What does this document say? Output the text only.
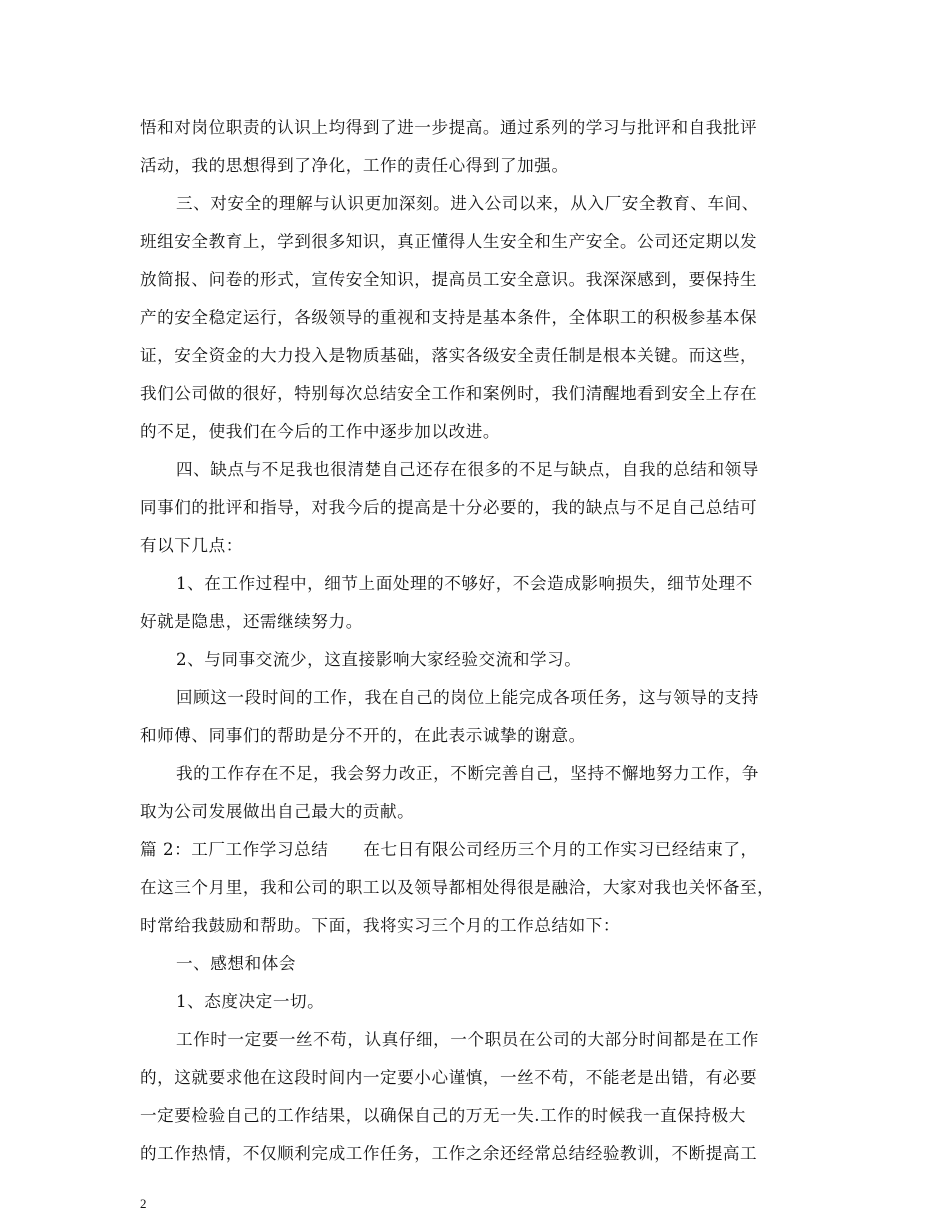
悟和对岗位职责的认识上均得到了进一步提高。通过系列的学习与批评和自我批评
活动，我的思想得到了净化，工作的责任心得到了加强。
三、对安全的理解与认识更加深刻。进入公司以来，从入厂安全教育、车间、
班组安全教育上，学到很多知识，真正懂得人生安全和生产安全。公司还定期以发
放简报、问卷的形式，宣传安全知识，提高员工安全意识。我深深感到，要保持生
产的安全稳定运行，各级领导的重视和支持是基本条件，全体职工的积极参基本保
证，安全资金的大力投入是物质基础，落实各级安全责任制是根本关键。而这些，
我们公司做的很好，特别每次总结安全工作和案例时，我们清醒地看到安全上存在
的不足，使我们在今后的工作中逐步加以改进。
四、缺点与不足我也很清楚自己还存在很多的不足与缺点，自我的总结和领导
同事们的批评和指导，对我今后的提高是十分必要的，我的缺点与不足自己总结可
有以下几点：
1、在工作过程中，细节上面处理的不够好，不会造成影响损失，细节处理不
好就是隐患，还需继续努力。
2、与同事交流少，这直接影响大家经验交流和学习。
回顾这一段时间的工作，我在自己的岗位上能完成各项任务，这与领导的支持
和师傅、同事们的帮助是分不开的，在此表示诚挚的谢意。
我的工作存在不足，我会努力改正，不断完善自己，坚持不懈地努力工作，争
取为公司发展做出自己最大的贡献。
篇 2：工厂工作学习总结      在七日有限公司经历三个月的工作实习已经结束了，
在这三个月里，我和公司的职工以及领导都相处得很是融洽，大家对我也关怀备至，
时常给我鼓励和帮助。下面，我将实习三个月的工作总结如下：
一、感想和体会
1、态度决定一切。
工作时一定要一丝不苟，认真仔细，一个职员在公司的大部分时间都是在工作
的，这就要求他在这段时间内一定要小心谨慎，一丝不苟，不能老是出错，有必要
一定要检验自己的工作结果，以确保自己的万无一失.工作的时候我一直保持极大
的工作热情，不仅顺利完成工作任务，工作之余还经常总结经验教训，不断提高工
2
